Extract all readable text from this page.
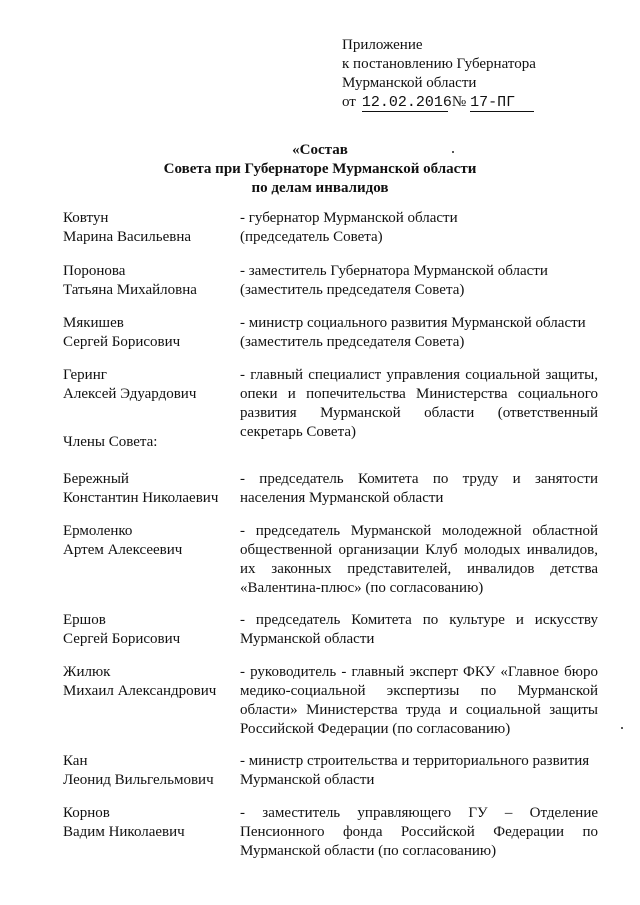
Приложение
к постановлению Губернатора
Мурманской области
от 12.02.2016№ 17-ПГ
«Состав
Совета при Губернаторе Мурманской области
по делам инвалидов
Ковтун
Марина Васильевна
- губернатор Мурманской области
(председатель Совета)
Поронова
Татьяна Михайловна
- заместитель Губернатора Мурманской области
(заместитель председателя Совета)
Мякишев
Сергей Борисович
- министр социального развития Мурманской области
(заместитель председателя Совета)
Геринг
Алексей Эдуардович
- главный специалист управления социальной защиты,
опеки и попечительства Министерства социального
развития Мурманской области (ответственный
секретарь Совета)
Члены Совета:
Бережный
Константин Николаевич
- председатель Комитета по труду и занятости
населения Мурманской области
Ермоленко
Артем Алексеевич
- председатель Мурманской молодежной областной
общественной организации Клуб молодых инвалидов,
их законных представителей, инвалидов детства
«Валентина-плюс» (по согласованию)
Ершов
Сергей Борисович
- председатель Комитета по культуре и искусству
Мурманской области
Жилюк
Михаил Александрович
- руководитель - главный эксперт ФКУ «Главное бюро
медико-социальной экспертизы по Мурманской
области» Министерства труда и социальной защиты
Российской Федерации (по согласованию)
Кан
Леонид Вильгельмович
- министр строительства и территориального развития
Мурманской области
Корнов
Вадим Николаевич
- заместитель управляющего ГУ – Отделение
Пенсионного фонда Российской Федерации по
Мурманской области (по согласованию)
